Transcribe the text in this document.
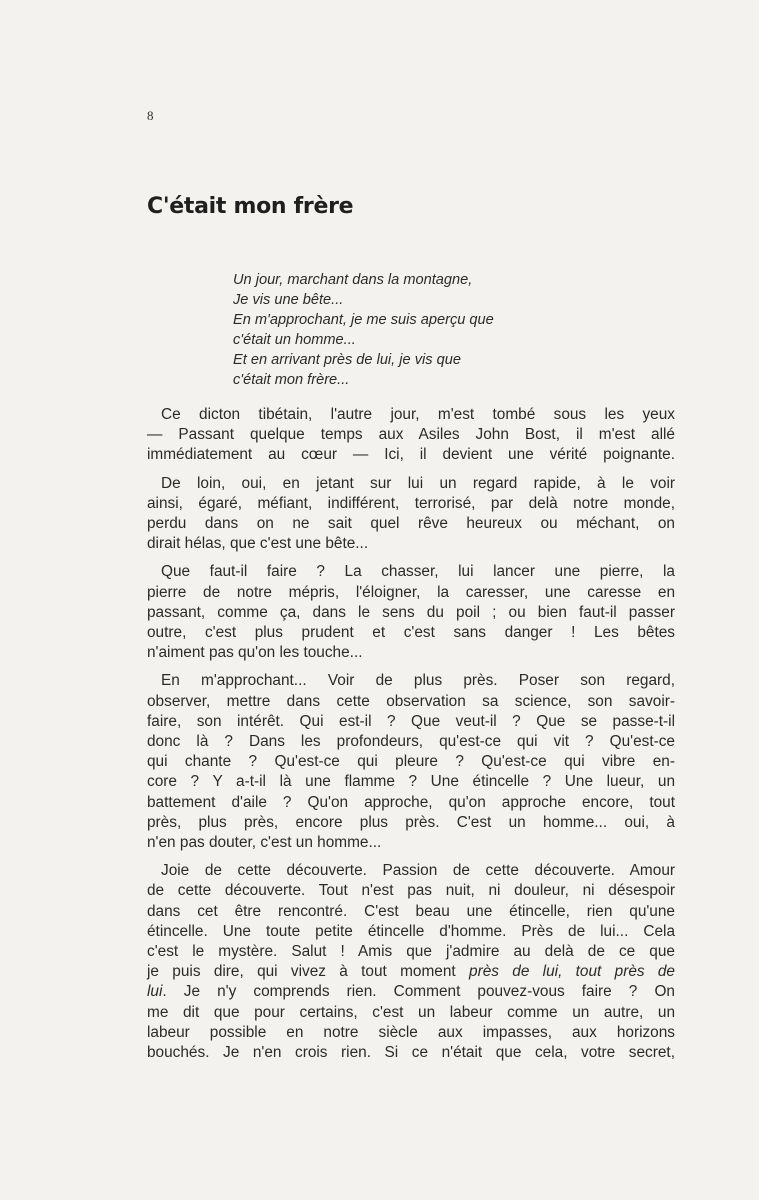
8
C'était mon frère
Un jour, marchant dans la montagne,
Je vis une bête...
En m'approchant, je me suis aperçu que
c'était un homme...
Et en arrivant près de lui, je vis que
c'était mon frère...

Ce dicton tibétain, l'autre jour, m'est tombé sous les yeux
— Passant quelque temps aux Asiles John Bost, il m'est allé
immédiatement au cœur — Ici, il devient une vérité poignante.

De loin, oui, en jetant sur lui un regard rapide, à le voir
ainsi, égaré, méfiant, indifférent, terrorisé, par delà notre monde,
perdu dans on ne sait quel rêve heureux ou méchant, on
dirait hélas, que c'est une bête...

Que faut-il faire ? La chasser, lui lancer une pierre, la
pierre de notre mépris, l'éloigner, la caresser, une caresse en
passant, comme ça, dans le sens du poil ; ou bien faut-il passer
outre, c'est plus prudent et c'est sans danger ! Les bêtes
n'aiment pas qu'on les touche...

En m'approchant... Voir de plus près. Poser son regard,
observer, mettre dans cette observation sa science, son savoir-
faire, son intérêt. Qui est-il ? Que veut-il ? Que se passe-t-il
donc là ? Dans les profondeurs, qu'est-ce qui vit ? Qu'est-ce
qui chante ? Qu'est-ce qui pleure ? Qu'est-ce qui vibre en-
core ? Y a-t-il là une flamme ? Une étincelle ? Une lueur, un
battement d'aile ? Qu'on approche, qu'on approche encore, tout
près, plus près, encore plus près. C'est un homme... oui, à
n'en pas douter, c'est un homme...

Joie de cette découverte. Passion de cette découverte. Amour
de cette découverte. Tout n'est pas nuit, ni douleur, ni désespoir
dans cet être rencontré. C'est beau une étincelle, rien qu'une
étincelle. Une toute petite étincelle d'homme. Près de lui... Cela
c'est le mystère. Salut ! Amis que j'admire au delà de ce que
je puis dire, qui vivez à tout moment près de lui, tout près de
lui. Je n'y comprends rien. Comment pouvez-vous faire ? On
me dit que pour certains, c'est un labeur comme un autre, un
labeur possible en notre siècle aux impasses, aux horizons
bouchés. Je n'en crois rien. Si ce n'était que cela, votre secret,
